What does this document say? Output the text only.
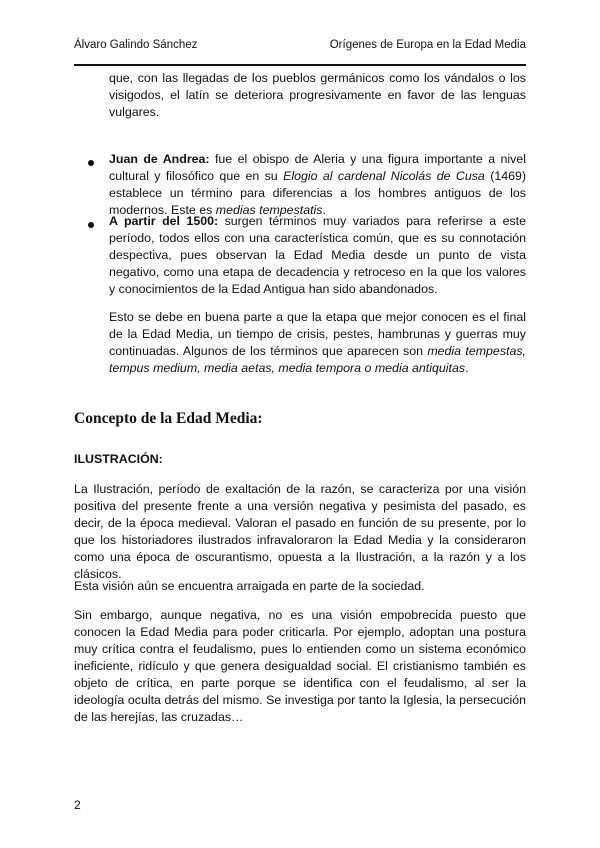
Álvaro Galindo Sánchez	Orígenes de Europa en la Edad Media
que, con las llegadas de los pueblos germánicos como los vándalos o los visigodos, el latín se deteriora progresivamente en favor de las lenguas vulgares.
Juan de Andrea: fue el obispo de Aleria y una figura importante a nivel cultural y filosófico que en su Elogio al cardenal Nicolás de Cusa (1469) establece un término para diferencias a los hombres antiguos de los modernos. Este es medias tempestatis.
A partir del 1500: surgen términos muy variados para referirse a este período, todos ellos con una característica común, que es su connotación despectiva, pues observan la Edad Media desde un punto de vista negativo, como una etapa de decadencia y retroceso en la que los valores y conocimientos de la Edad Antigua han sido abandonados.
Esto se debe en buena parte a que la etapa que mejor conocen es el final de la Edad Media, un tiempo de crisis, pestes, hambrunas y guerras muy continuadas. Algunos de los términos que aparecen son media tempestas, tempus medium, media aetas, media tempora o media antiquitas.
Concepto de la Edad Media:
ILUSTRACIÓN:
La Ilustración, período de exaltación de la razón, se caracteriza por una visión positiva del presente frente a una versión negativa y pesimista del pasado, es decir, de la época medieval. Valoran el pasado en función de su presente, por lo que los historiadores ilustrados infravaloraron la Edad Media y la consideraron como una época de oscurantismo, opuesta a la Ilustración, a la razón y a los clásicos.
Esta visión aún se encuentra arraigada en parte de la sociedad.
Sin embargo, aunque negativa, no es una visión empobrecida puesto que conocen la Edad Media para poder criticarla. Por ejemplo, adoptan una postura muy crítica contra el feudalismo, pues lo entienden como un sistema económico ineficiente, ridículo y que genera desigualdad social. El cristianismo también es objeto de crítica, en parte porque se identifica con el feudalismo, al ser la ideología oculta detrás del mismo. Se investiga por tanto la Iglesia, la persecución de las herejías, las cruzadas…
2
